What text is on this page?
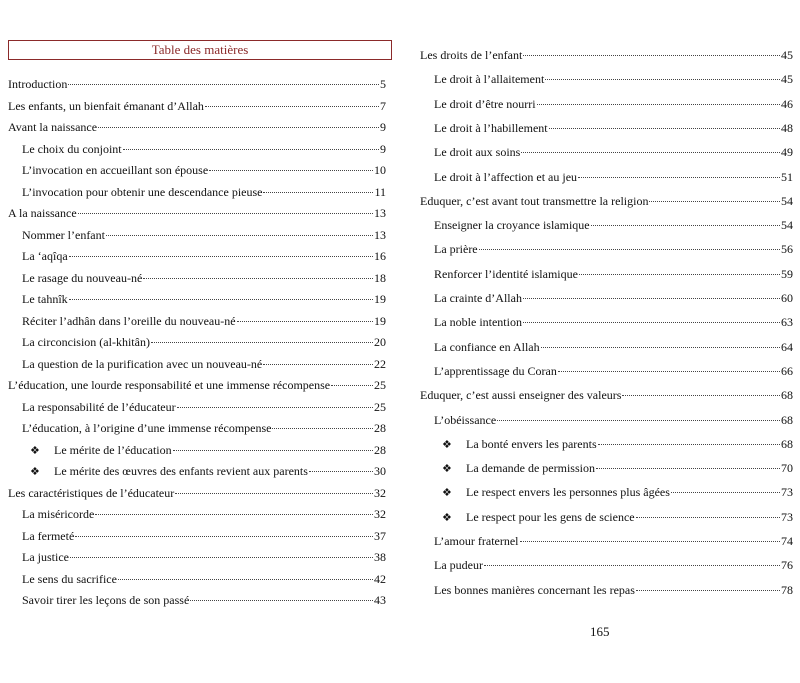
Table des matières
Introduction	5
Les enfants, un bienfait émanant d’Allah	7
Avant la naissance	9
Le choix du conjoint	9
L’invocation en accueillant son épouse	10
L’invocation pour obtenir une descendance pieuse	11
A la naissance	13
Nommer l’enfant	13
La ‘aqîqa	16
Le rasage du nouveau-né	18
Le tahnîk	19
Réciter l’adhân dans l’oreille du nouveau-né	19
La circoncision (al-khitân)	20
La question de la purification avec un nouveau-né	22
L’éducation, une lourde responsabilité et une immense récompense	25
La responsabilité de l’éducateur	25
L’éducation, à l’origine d’une immense récompense	28
❖	Le mérite de l’éducation	28
❖	Le mérite des œuvres des enfants revient aux parents	30
Les caractéristiques de l’éducateur	32
La miséricorde	32
La fermeté	37
La justice	38
Le sens du sacrifice	42
Savoir tirer les leçons de son passé	43
Les droits de l’enfant	45
Le droit à l’allaitement	45
Le droit d’être nourri	46
Le droit à l’habillement	48
Le droit aux soins	49
Le droit à l’affection et au jeu	51
Eduquer, c’est avant tout transmettre la religion	54
Enseigner la croyance islamique	54
La prière	56
Renforcer l’identité islamique	59
La crainte d’Allah	60
La noble intention	63
La confiance en Allah	64
L’apprentissage du Coran	66
Eduquer, c’est aussi enseigner des valeurs	68
L’obéissance	68
❖	La bonté envers les parents	68
❖	La demande de permission	70
❖	Le respect envers les personnes plus âgées	73
❖	Le respect pour les gens de science	73
L’amour fraternel	74
La pudeur	76
Les bonnes manières concernant les repas	78
165
